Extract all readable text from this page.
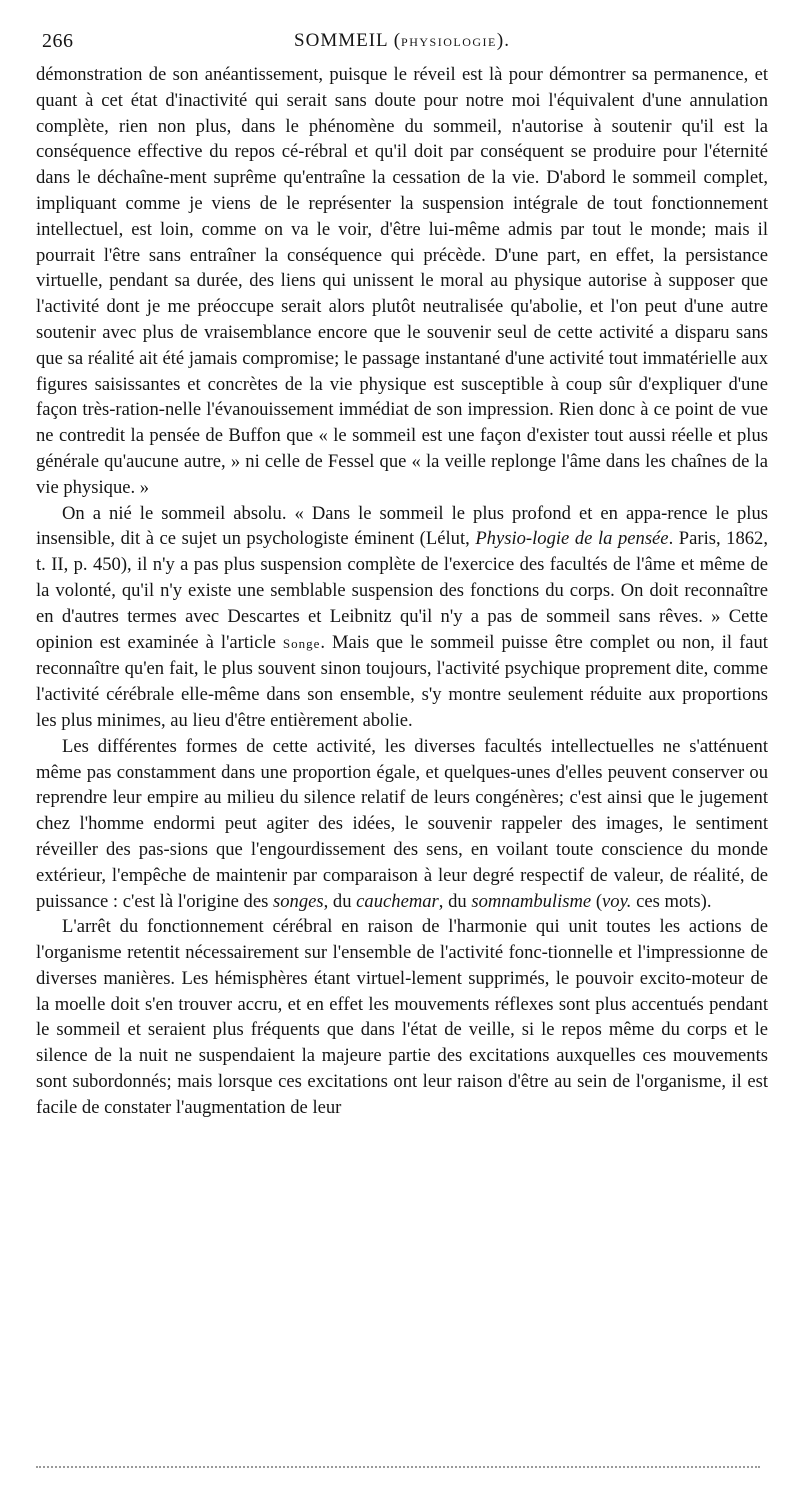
266	SOMMEIL (PHYSIOLOGIE).

démonstration de son anéantissement, puisque le réveil est là pour démontrer sa permanence, et quant à cet état d'inactivité qui serait sans doute pour notre moi l'équivalent d'une annulation complète, rien non plus, dans le phénomène du sommeil, n'autorise à soutenir qu'il est la conséquence effective du repos cé-rébral et qu'il doit par conséquent se produire pour l'éternité dans le déchaîne-ment suprême qu'entraîne la cessation de la vie. D'abord le sommeil complet, impliquant comme je viens de le représenter la suspension intégrale de tout fonctionnement intellectuel, est loin, comme on va le voir, d'être lui-même admis par tout le monde; mais il pourrait l'être sans entraîner la conséquence qui précède. D'une part, en effet, la persistance virtuelle, pendant sa durée, des liens qui unissent le moral au physique autorise à supposer que l'activité dont je me préoccupe serait alors plutôt neutralisée qu'abolie, et l'on peut d'une autre soutenir avec plus de vraisemblance encore que le souvenir seul de cette activité a disparu sans que sa réalité ait été jamais compromise; le passage instantané d'une activité tout immatérielle aux figures saisissantes et concrètes de la vie physique est susceptible à coup sûr d'expliquer d'une façon très-ration-nelle l'évanouissement immédiat de son impression. Rien donc à ce point de vue ne contredit la pensée de Buffon que « le sommeil est une façon d'exister tout aussi réelle et plus générale qu'aucune autre, » ni celle de Fessel que « la veille replonge l'âme dans les chaînes de la vie physique. »

On a nié le sommeil absolu. « Dans le sommeil le plus profond et en appa-rence le plus insensible, dit à ce sujet un psychologiste éminent (Lélut, Physio-logie de la pensée. Paris, 1862, t. II, p. 450), il n'y a pas plus suspension complète de l'exercice des facultés de l'âme et même de la volonté, qu'il n'y existe une semblable suspension des fonctions du corps. On doit reconnaître en d'autres termes avec Descartes et Leibnitz qu'il n'y a pas de sommeil sans rêves. » Cette opinion est examinée à l'article Songe. Mais que le sommeil puisse être complet ou non, il faut reconnaître qu'en fait, le plus souvent sinon toujours, l'activité psychique proprement dite, comme l'activité cérébrale elle-même dans son ensemble, s'y montre seulement réduite aux proportions les plus minimes, au lieu d'être entièrement abolie.

Les différentes formes de cette activité, les diverses facultés intellectuelles ne s'atténuent même pas constamment dans une proportion égale, et quelques-unes d'elles peuvent conserver ou reprendre leur empire au milieu du silence relatif de leurs congénères; c'est ainsi que le jugement chez l'homme endormi peut agiter des idées, le souvenir rappeler des images, le sentiment réveiller des pas-sions que l'engourdissement des sens, en voilant toute conscience du monde extérieur, l'empêche de maintenir par comparaison à leur degré respectif de valeur, de réalité, de puissance : c'est là l'origine des songes, du cauchemar, du somnambulisme (voy. ces mots).

L'arrêt du fonctionnement cérébral en raison de l'harmonie qui unit toutes les actions de l'organisme retentit nécessairement sur l'ensemble de l'activité fonc-tionnelle et l'impressionne de diverses manières. Les hémisphères étant virtuel-lement supprimés, le pouvoir excito-moteur de la moelle doit s'en trouver accru, et en effet les mouvements réflexes sont plus accentués pendant le sommeil et seraient plus fréquents que dans l'état de veille, si le repos même du corps et le silence de la nuit ne suspendaient la majeure partie des excitations auxquelles ces mouvements sont subordonnés; mais lorsque ces excitations ont leur raison d'être au sein de l'organisme, il est facile de constater l'augmentation de leur
